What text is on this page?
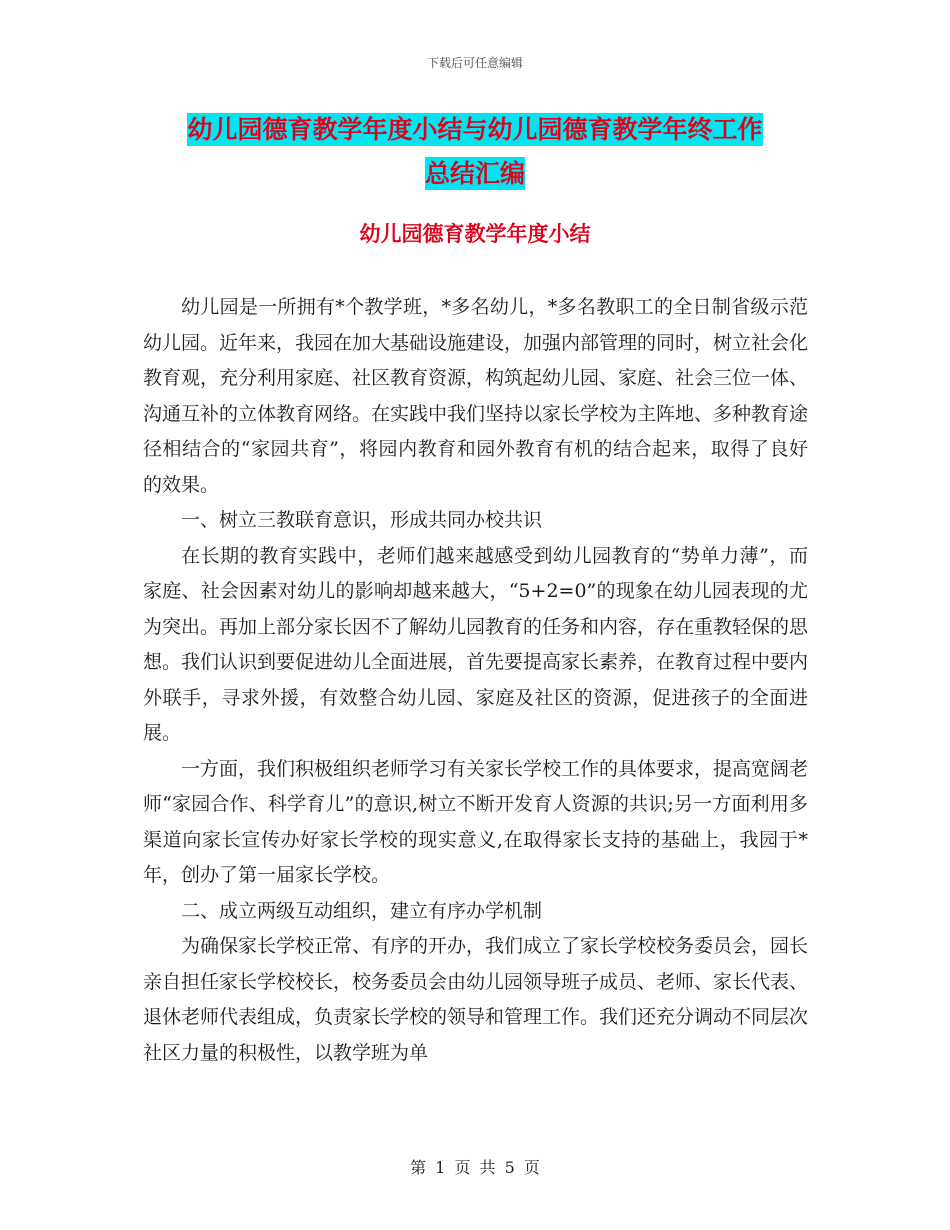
下载后可任意编辑
幼儿园德育教学年度小结与幼儿园德育教学年终工作
总结汇编
幼儿园德育教学年度小结

幼儿园是一所拥有*个教学班，*多名幼儿，*多名教职工的全日制省级示范幼儿园。近年来，我园在加大基础设施建设，加强内部管理的同时，树立社会化教育观，充分利用家庭、社区教育资源，构筑起幼儿园、家庭、社会三位一体、沟通互补的立体教育网络。在实践中我们坚持以家长学校为主阵地、多种教育途径相结合的“家园共育”，将园内教育和园外教育有机的结合起来，取得了良好的效果。

一、树立三教联育意识，形成共同办校共识

在长期的教育实践中，老师们越来越感受到幼儿园教育的“势单力薄”，而家庭、社会因素对幼儿的影响却越来越大，“5+2=0”的现象在幼儿园表现的尤为突出。再加上部分家长因不了解幼儿园教育的任务和内容，存在重教轻保的思想。我们认识到要促进幼儿全面进展，首先要提高家长素养，在教育过程中要内外联手，寻求外援，有效整合幼儿园、家庭及社区的资源，促进孩子的全面进展。

一方面，我们积极组织老师学习有关家长学校工作的具体要求，提高宽阔老师“家园合作、科学育儿”的意识,树立不断开发育人资源的共识;另一方面利用多渠道向家长宣传办好家长学校的现实意义,在取得家长支持的基础上，我园于*年，创办了第一届家长学校。

二、成立两级互动组织，建立有序办学机制

为确保家长学校正常、有序的开办，我们成立了家长学校校务委员会，园长亲自担任家长学校校长，校务委员会由幼儿园领导班子成员、老师、家长代表、退休老师代表组成，负责家长学校的领导和管理工作。我们还充分调动不同层次社区力量的积极性，以教学班为单

第 1 页 共 5 页
